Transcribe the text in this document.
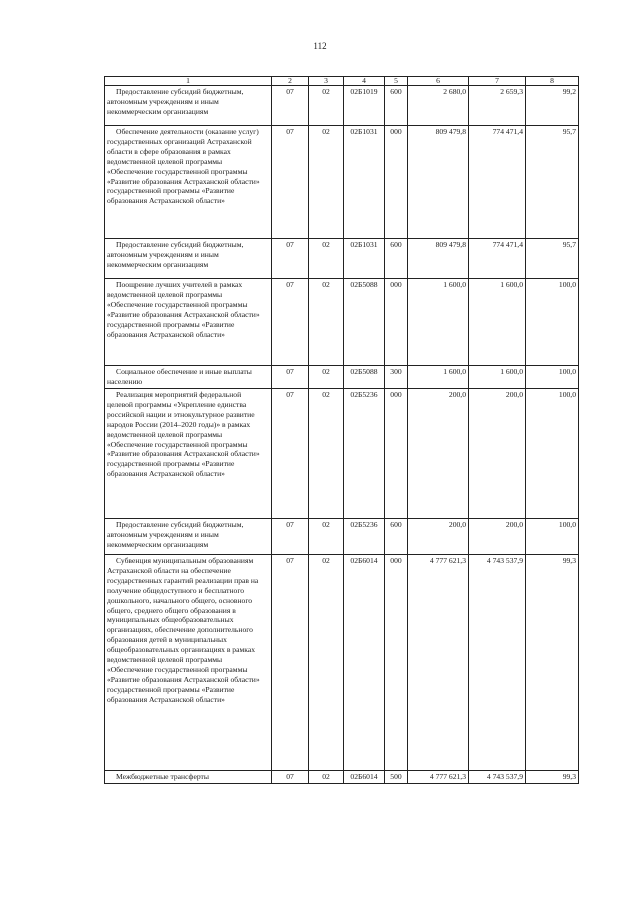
112
1	2	3	4	5	6	7	8

Предоставление субсидий бюджетным, автономным учреждениям и иным некоммерческим организациям	07	02	02Б1019	600	2 680,0	2 659,3	99,2

Обеспечение деятельности (оказание услуг) государственных организаций Астраханской области в сфере образования в рамках ведомственной целевой программы «Обеспечение государственной программы «Развитие образования Астраханской области» государственной программы «Развитие образования Астраханской области»	07	02	02Б1031	000	809 479,8	774 471,4	95,7

Предоставление субсидий бюджетным, автономным учреждениям и иным некоммерческим организациям	07	02	02Б1031	600	809 479,8	774 471,4	95,7

Поощрение лучших учителей в рамках ведомственной целевой программы «Обеспечение государственной программы «Развитие образования Астраханской области» государственной программы «Развитие образования Астраханской области»	07	02	02Б5088	000	1 600,0	1 600,0	100,0

Социальное обеспечение и иные выплаты населению	07	02	02Б5088	300	1 600,0	1 600,0	100,0

Реализация мероприятий федеральной целевой программы «Укрепление единства российской нации и этнокультурное развитие народов России (2014–2020 годы)» в рамках ведомственной целевой программы «Обеспечение государственной программы «Развитие образования Астраханской области» государственной программы «Развитие образования Астраханской области»	07	02	02Б5236	000	200,0	200,0	100,0

Предоставление субсидий бюджетным, автономным учреждениям и иным некоммерческим организациям	07	02	02Б5236	600	200,0	200,0	100,0

Субвенция муниципальным образованиям Астраханской области на обеспечение государственных гарантий реализации прав на получение общедоступного и бесплатного дошкольного, начального общего, основного общего, среднего общего образования в муниципальных общеобразовательных организациях, обеспечение дополнительного образования детей в муниципальных общеобразовательных организациях в рамках ведомственной целевой программы «Обеспечение государственной программы «Развитие образования Астраханской области» государственной программы «Развитие образования Астраханской области»	07	02	02Б6014	000	4 777 621,3	4 743 537,9	99,3

Межбюджетные трансферты	07	02	02Б6014	500	4 777 621,3	4 743 537,9	99,3
